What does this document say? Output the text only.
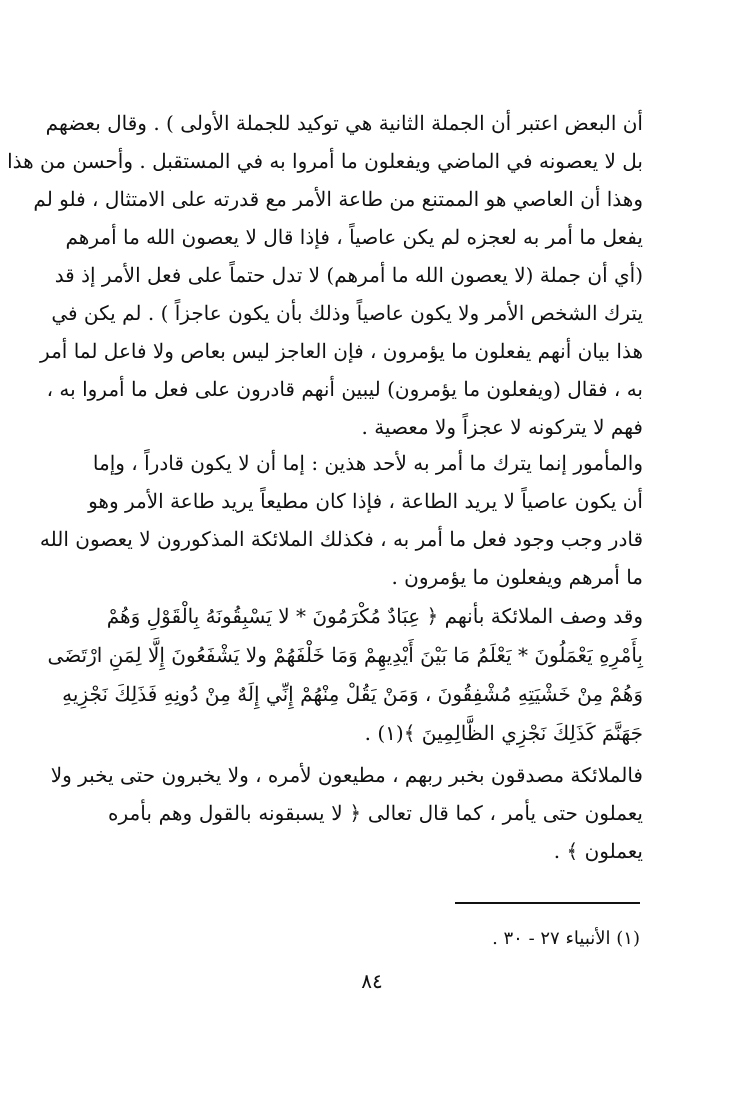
أن البعض اعتبر أن الجملة الثانية هي توكيد للجملة الأولى ) . وقال بعضهم
بل لا يعصونه في الماضي ويفعلون ما أمروا به في المستقبل . وأحسن من هذا
وهذا أن العاصي هو الممتنع من طاعة الأمر مع قدرته على الامتثال ، فلو لم
يفعل ما أمر به لعجزه لم يكن عاصياً ، فإذا قال لا يعصون الله ما أمرهم
(أي أن جملة (لا يعصون الله ما أمرهم) لا تدل حتماً على فعل الأمر إذ قد
يترك الشخص الأمر ولا يكون عاصياً وذلك بأن يكون عاجزاً ) . لم يكن في
هذا بيان أنهم يفعلون ما يؤمرون ، فإن العاجز ليس بعاص ولا فاعل لما أمر
به ، فقال (ويفعلون ما يؤمرون) ليبين أنهم قادرون على فعل ما أمروا به ،
فهم لا يتركونه لا عجزاً ولا معصية .
والمأمور إنما يترك ما أمر به لأحد هذين : إما أن لا يكون قادراً ، وإما
أن يكون عاصياً لا يريد الطاعة ، فإذا كان مطيعاً يريد طاعة الأمر وهو
قادر وجب وجود فعل ما أمر به ، فكذلك الملائكة المذكورون لا يعصون الله
ما أمرهم ويفعلون ما يؤمرون .
وقد وصف الملائكة بأنهم ﴿ عِبَادٌ مُكْرَمُونَ * لا يَسْبِقُونَهُ بِالْقَوْلِ وَهُمْ
بِأَمْرِهِ يَعْمَلُونَ * يَعْلَمُ مَا بَيْنَ أَيْدِيهِمْ وَمَا خَلْفَهُمْ ولا يَشْفَعُونَ إِلَّا لِمَنِ ارْتَضَى
وَهُمْ مِنْ خَشْيَتِهِ مُشْفِقُونَ ، وَمَنْ يَقُلْ مِنْهُمْ إِنِّي إِلَهٌ مِنْ دُونِهِ فَذَلِكَ نَجْزِيهِ
جَهَنَّمَ كَذَلِكَ نَجْزِي الظَّالِمِينَ ﴾(١) .
فالملائكة مصدقون بخبر ربهم ، مطيعون لأمره ، ولا يخبرون حتى يخبر ولا
يعملون حتى يأمر ، كما قال تعالى ﴿ لا يسبقونه بالقول وهم بأمره
يعملون ﴾ .
(١) الأنبياء ٢٧ - ٣٠ .
٨٤
